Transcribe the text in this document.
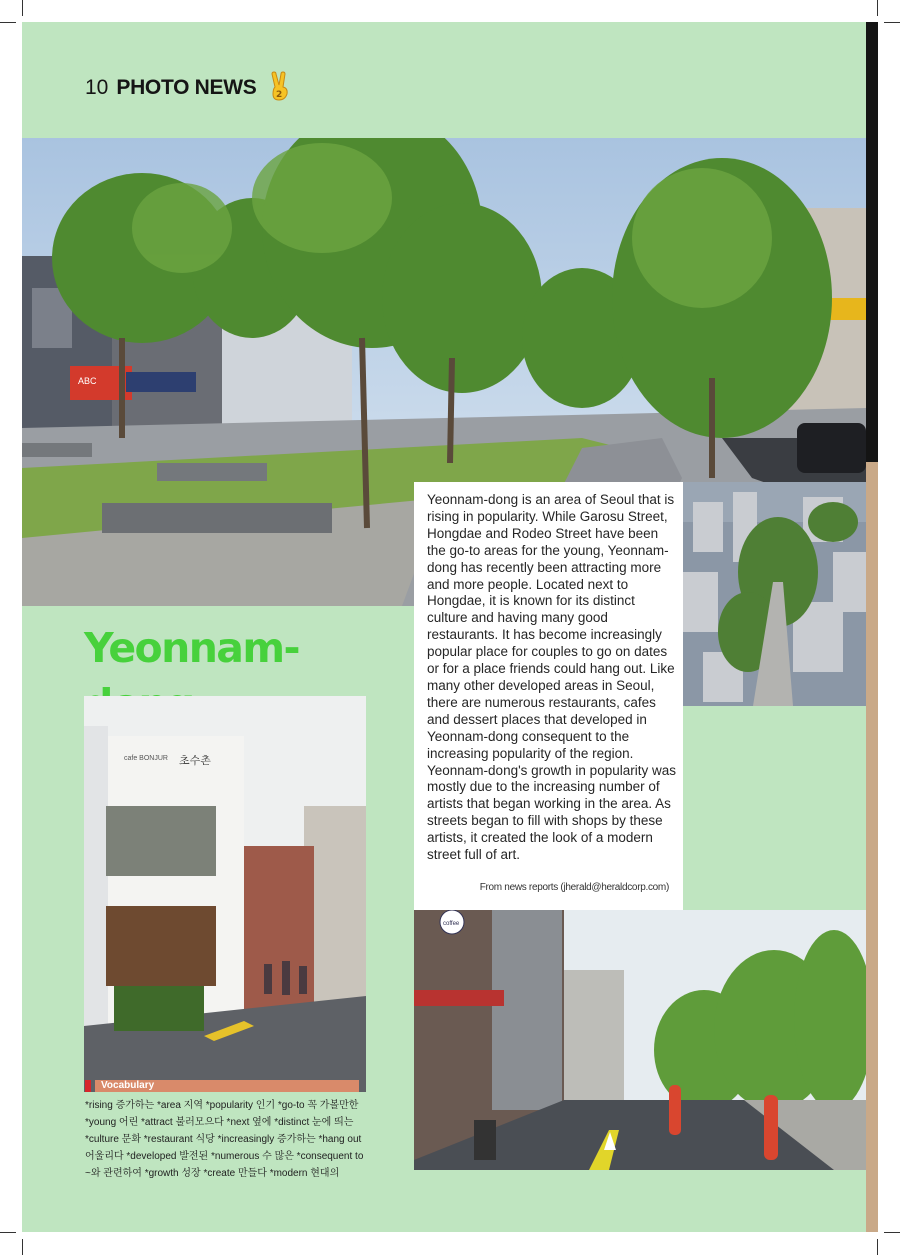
10 PHOTO NEWS 2
ABC
Yeonnam-
cafe BONJUR 초수촌

Yeonnam-dong is an area of Seoul that is rising in popularity. While Garosu Street, Hongdae and Rodeo Street have been the go-to areas for the young, Yeonnam-dong has recently been attracting more and more people. Located next to Hongdae, it is known for its distinct culture and having many good restaurants. It has become increasingly popular place for couples to go on dates or for a place friends could hang out. Like many other developed areas in Seoul, there are numerous restaurants, cafes and dessert places that developed in Yeonnam-dong consequent to the increasing popularity of the region. Yeonnam-dong's growth in popularity was mostly due to the increasing number of artists that began working in the area. As streets began to fill with shops by these artists, it created the look of a modern street full of art.

From news reports (jherald@heraldcorp.com)
coffee
Vocabulary

*rising 증가하는 *area 지역 *popularity 인기 *go-to 꼭 가볼만한 *young 어린 *attract 불러모으다 *next 옆에 *distinct 눈에 띄는 *culture 문화 *restaurant 식당 *increasingly 증가하는 *hang out 어울리다 *developed 발전된 *numerous 수 많은 *consequent to ~와 관련하여 *growth 성장 *create 만들다 *modern 현대의
